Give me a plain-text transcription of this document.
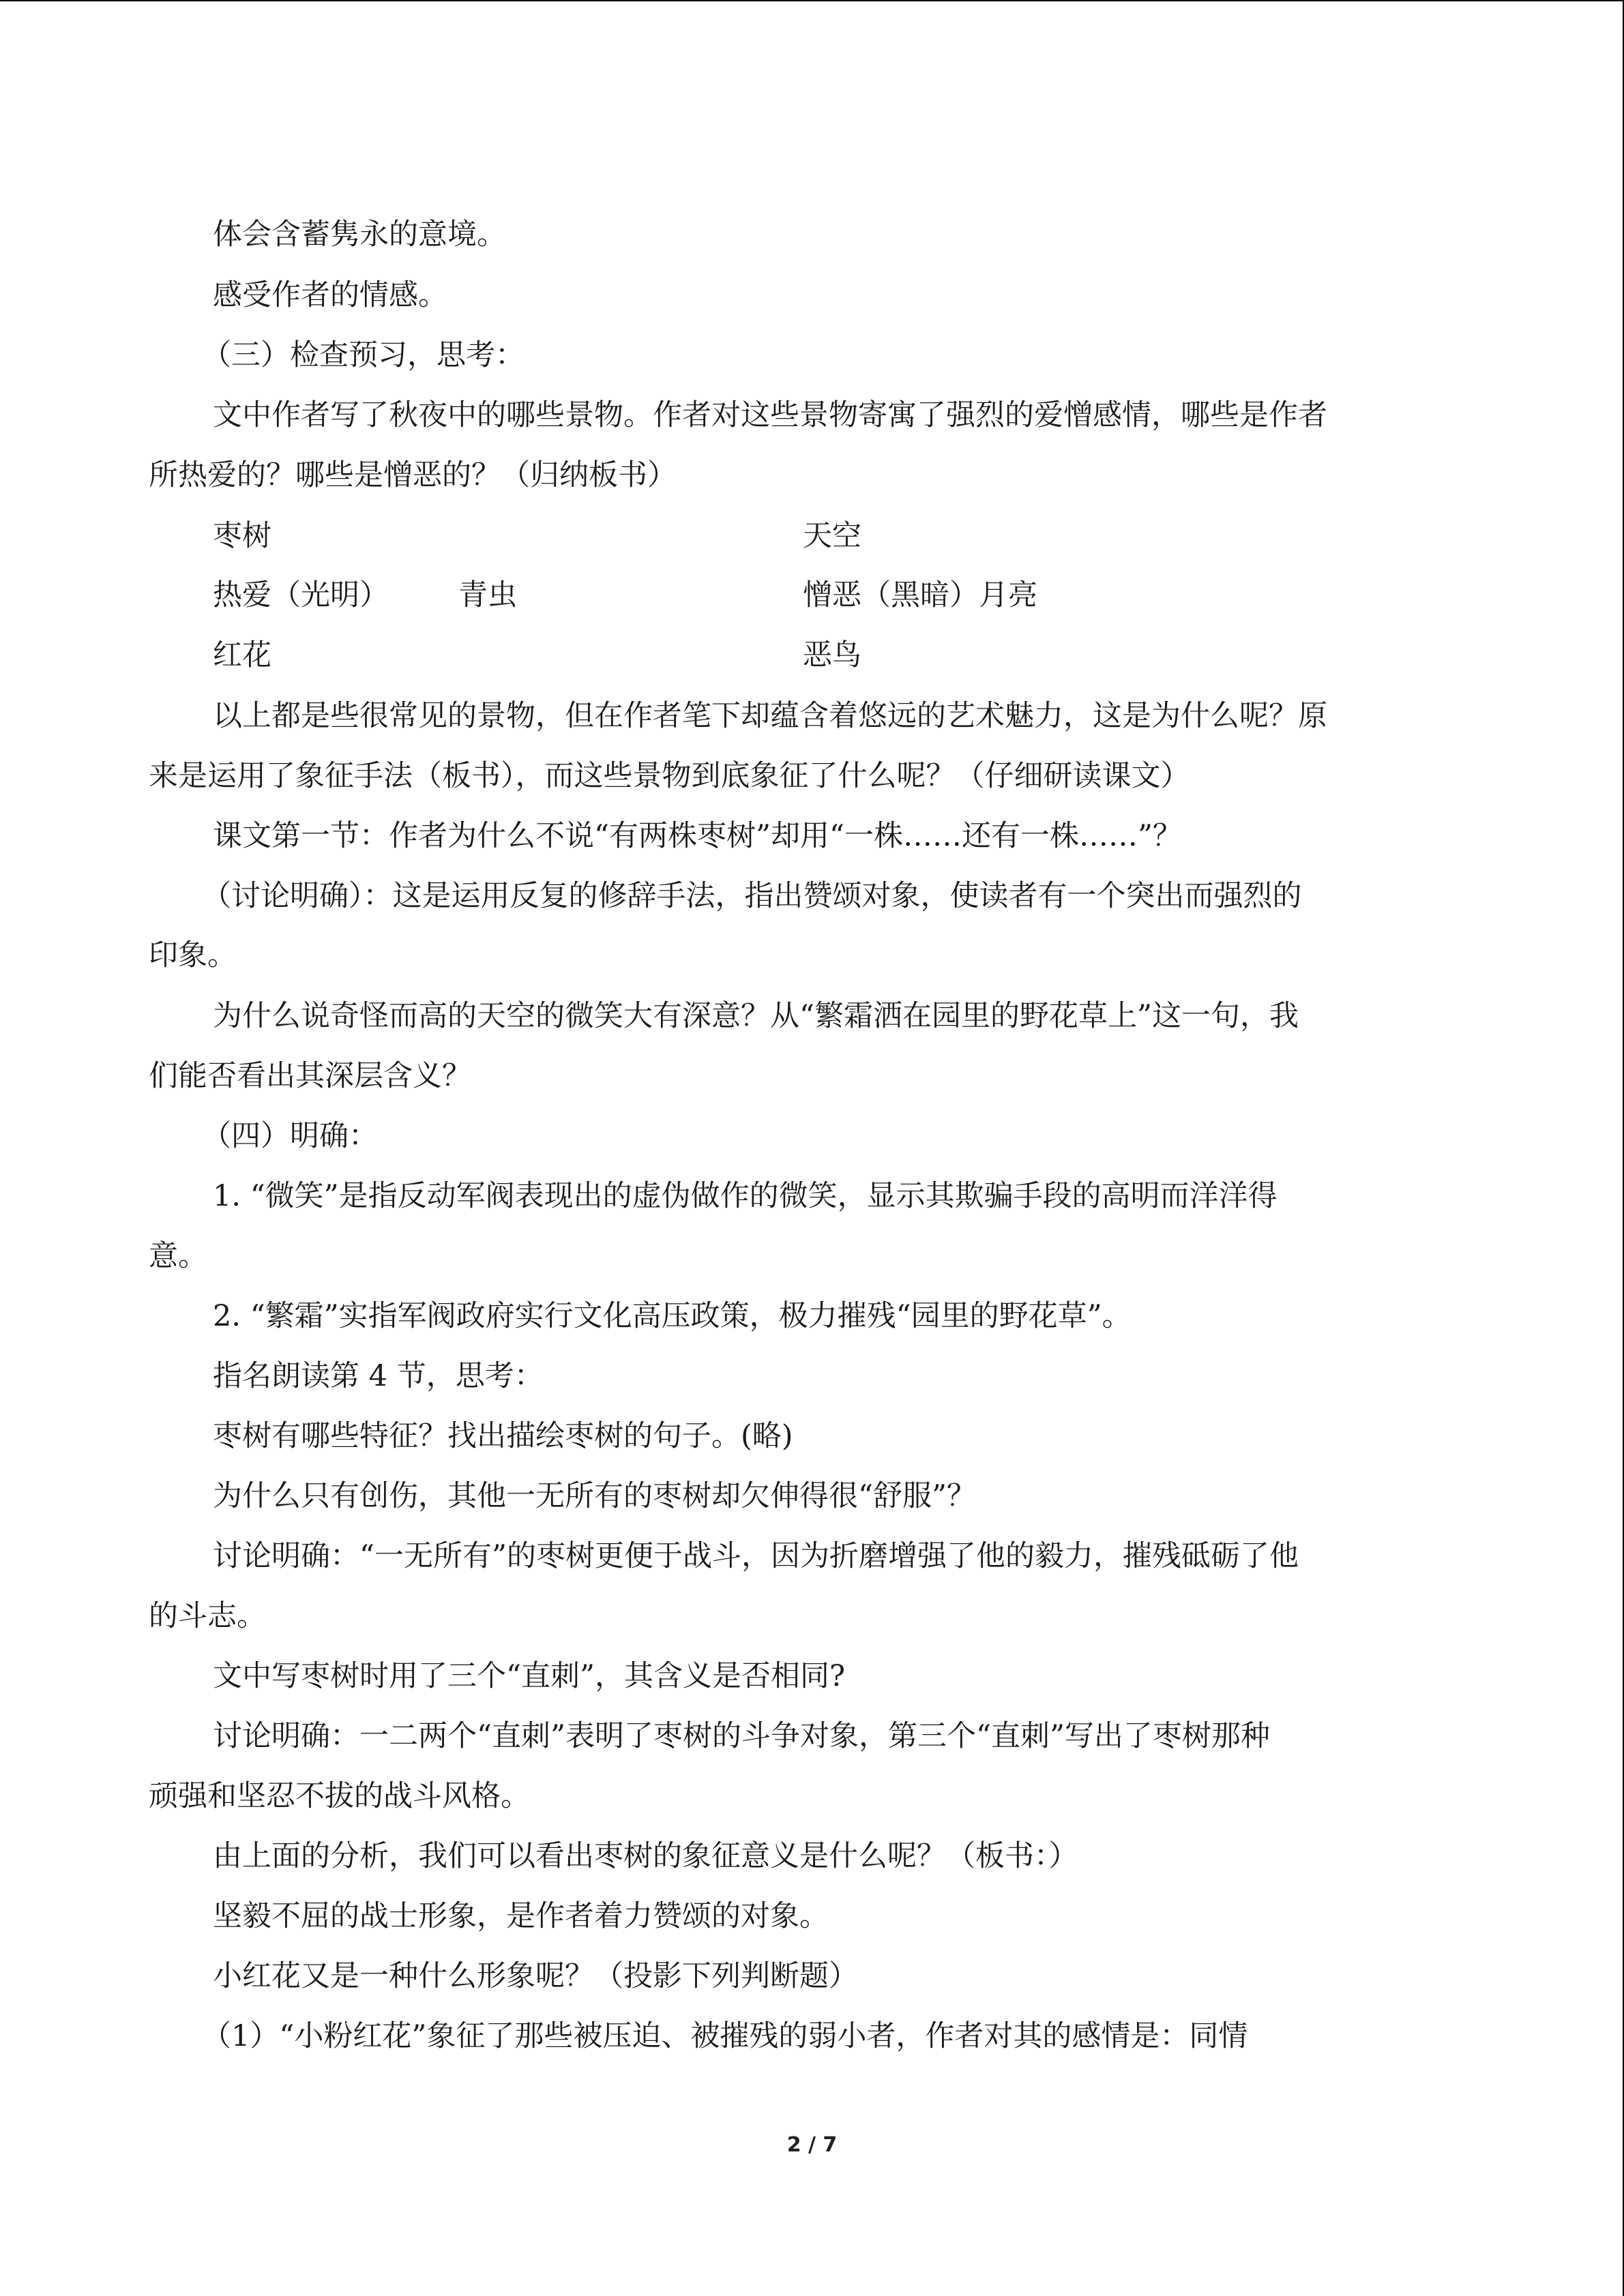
体会含蓄隽永的意境。

感受作者的情感。

（三）检查预习，思考：

文中作者写了秋夜中的哪些景物。作者对这些景物寄寓了强烈的爱憎感情，哪些是作者

所热爱的？哪些是憎恶的？（归纳板书）

枣树	天空

热爱（光明） 青虫	憎恶（黑暗）月亮

红花	恶鸟

以上都是些很常见的景物，但在作者笔下却蕴含着悠远的艺术魅力，这是为什么呢？原

来是运用了象征手法（板书），而这些景物到底象征了什么呢？（仔细研读课文）

课文第一节：作者为什么不说“有两株枣树”却用“一株……还有一株……”？

（讨论明确）：这是运用反复的修辞手法，指出赞颂对象，使读者有一个突出而强烈的

印象。

为什么说奇怪而高的天空的微笑大有深意？从“繁霜洒在园里的野花草上”这一句，我

们能否看出其深层含义？

（四）明确：

1. “微笑”是指反动军阀表现出的虚伪做作的微笑，显示其欺骗手段的高明而洋洋得

意。

2. “繁霜”实指军阀政府实行文化高压政策，极力摧残“园里的野花草”。

指名朗读第 4 节，思考：

枣树有哪些特征？找出描绘枣树的句子。(略)

为什么只有创伤，其他一无所有的枣树却欠伸得很“舒服”？

讨论明确：“一无所有”的枣树更便于战斗，因为折磨增强了他的毅力，摧残砥砺了他

的斗志。

文中写枣树时用了三个“直刺”，其含义是否相同?

讨论明确：一二两个“直刺”表明了枣树的斗争对象，第三个“直刺”写出了枣树那种

顽强和坚忍不拔的战斗风格。

由上面的分析，我们可以看出枣树的象征意义是什么呢？（板书：）

坚毅不屈的战士形象，是作者着力赞颂的对象。

小红花又是一种什么形象呢？（投影下列判断题）

（1）“小粉红花”象征了那些被压迫、被摧残的弱小者，作者对其的感情是：同情

2 / 7
